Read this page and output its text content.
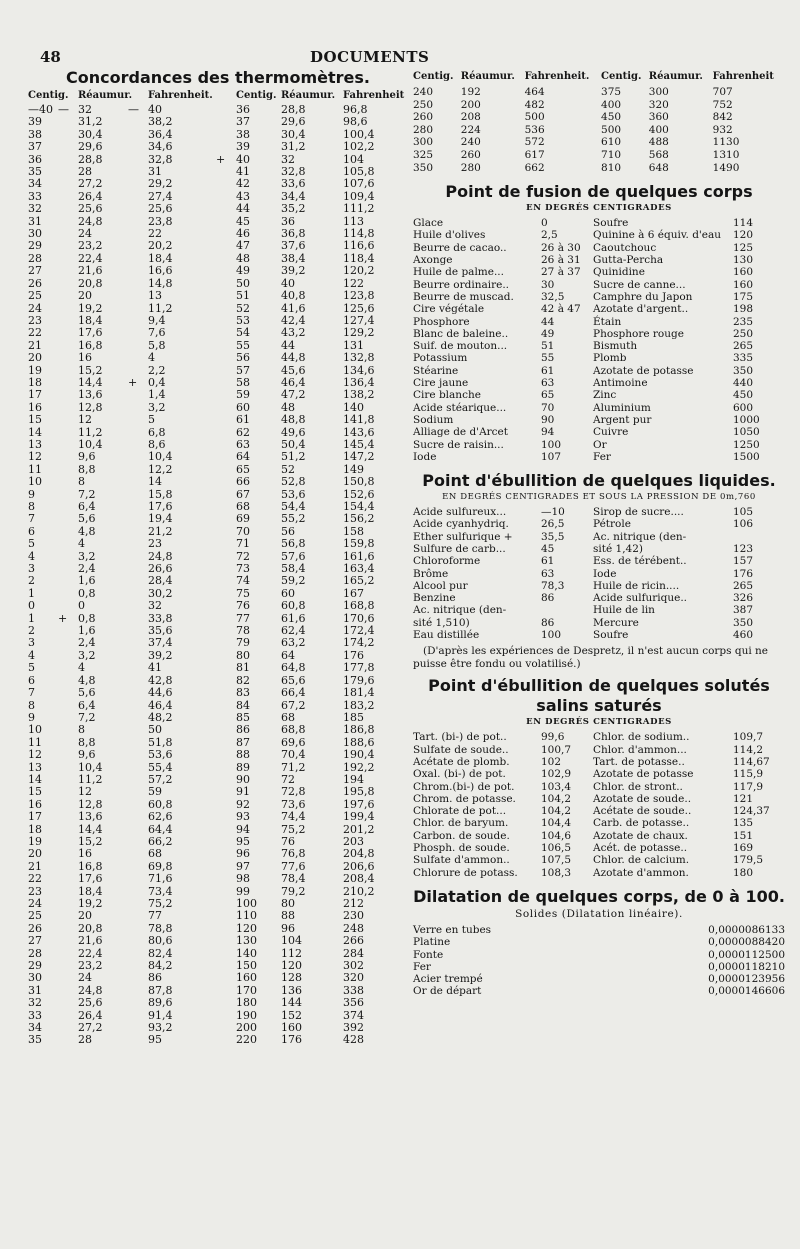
48	DOCUMENTS
Concordances des thermomètres.
Centig.		Réaumur.		Fahrenheit.		Centig.	Réaumur.	Fahrenheit
—40	—	32	—	40		36	28,8	96,8
39		31,2		38,2		37	29,6	98,6
38		30,4		36,4		38	30,4	100,4
37		29,6		34,6		39	31,2	102,2
36		28,8		32,8	+	40	32	104
35		28		31		41	32,8	105,8
34		27,2		29,2		42	33,6	107,6
33		26,4		27,4		43	34,4	109,4
32		25,6		25,6		44	35,2	111,2
31		24,8		23,8		45	36	113
30		24		22		46	36,8	114,8
29		23,2		20,2		47	37,6	116,6
28		22,4		18,4		48	38,4	118,4
27		21,6		16,6		49	39,2	120,2
26		20,8		14,8		50	40	122
25		20		13		51	40,8	123,8
24		19,2		11,2		52	41,6	125,6
23		18,4		9,4		53	42,4	127,4
22		17,6		7,6		54	43,2	129,2
21		16,8		5,8		55	44	131
20		16		4		56	44,8	132,8
19		15,2		2,2		57	45,6	134,6
18		14,4	+	0,4		58	46,4	136,4
17		13,6		1,4		59	47,2	138,2
16		12,8		3,2		60	48	140
15		12		5		61	48,8	141,8
14		11,2		6,8		62	49,6	143,6
13		10,4		8,6		63	50,4	145,4
12		9,6		10,4		64	51,2	147,2
11		8,8		12,2		65	52	149
10		8		14		66	52,8	150,8
9		7,2		15,8		67	53,6	152,6
8		6,4		17,6		68	54,4	154,4
7		5,6		19,4		69	55,2	156,2
6		4,8		21,2		70	56	158
5		4		23		71	56,8	159,8
4		3,2		24,8		72	57,6	161,6
3		2,4		26,6		73	58,4	163,4
2		1,6		28,4		74	59,2	165,2
1		0,8		30,2		75	60	167
0		0		32		76	60,8	168,8
1	+	0,8		33,8		77	61,6	170,6
2		1,6		35,6		78	62,4	172,4
3		2,4		37,4		79	63,2	174,2
4		3,2		39,2		80	64	176
5		4		41		81	64,8	177,8
6		4,8		42,8		82	65,6	179,6
7		5,6		44,6		83	66,4	181,4
8		6,4		46,4		84	67,2	183,2
9		7,2		48,2		85	68	185
10		8		50		86	68,8	186,8
11		8,8		51,8		87	69,6	188,6
12		9,6		53,6		88	70,4	190,4
13		10,4		55,4		89	71,2	192,2
14		11,2		57,2		90	72	194
15		12		59		91	72,8	195,8
16		12,8		60,8		92	73,6	197,6
17		13,6		62,6		93	74,4	199,4
18		14,4		64,4		94	75,2	201,2
19		15,2		66,2		95	76	203
20		16		68		96	76,8	204,8
21		16,8		69,8		97	77,6	206,6
22		17,6		71,6		98	78,4	208,4
23		18,4		73,4		99	79,2	210,2
24		19,2		75,2		100	80	212
25		20		77		110	88	230
26		20,8		78,8		120	96	248
27		21,6		80,6		130	104	266
28		22,4		82,4		140	112	284
29		23,2		84,2		150	120	302
30		24		86		160	128	320
31		24,8		87,8		170	136	338
32		25,6		89,6		180	144	356
33		26,4		91,4		190	152	374
34		27,2		93,2		200	160	392
35		28		95		220	176	428
Centig.	Réaumur.	Fahrenheit.	Centig.	Réaumur.	Fahrenheit
240	192	464	375	300	707
250	200	482	400	320	752
260	208	500	450	360	842
280	224	536	500	400	932
300	240	572	610	488	1130
325	260	617	710	568	1310
350	280	662	810	648	1490
Point de fusion de quelques corps
EN DEGRÉS CENTIGRADES
Glace	0	Soufre	114
Huile d'olives	2,5	Quinine à 6 équiv. d'eau	120
Beurre de cacao..	26 à 30	Caoutchouc	125
Axonge	26 à 31	Gutta-Percha	130
Huile de palme...	27 à 37	Quinidine	160
Beurre ordinaire..	30	Sucre de canne...	160
Beurre de muscad.	32,5	Camphre du Japon	175
Cire végétale	42 à 47	Azotate d'argent..	198
Phosphore	44	Étain	235
Blanc de baleine..	49	Phosphore rouge	250
Suif. de mouton...	51	Bismuth	265
Potassium	55	Plomb	335
Stéarine	61	Azotate de potasse	350
Cire jaune	63	Antimoine	440
Cire blanche	65	Zinc	450
Acide stéarique...	70	Aluminium	600
Sodium	90	Argent pur	1000
Alliage de d'Arcet	94	Cuivre	1050
Sucre de raisin...	100	Or	1250
Iode	107	Fer	1500
Point d'ébullition de quelques liquides.
EN DEGRÉS CENTIGRADES ET SOUS LA PRESSION DE 0m,760
Acide sulfureux...	—10	Sirop de sucre....	105
Acide cyanhydriq.	26,5	Pétrole	106
Ether sulfurique +	35,5	Ac. nitrique (den-	
Sulfure de carb...	45	sité 1,42)	123
Chloroforme	61	Ess. de térébent..	157
Brôme	63	Iode	176
Alcool pur	78,3	Huile de ricin....	265
Benzine	86	Acide sulfurique..	326
Ac. nitrique (den-		Huile de lin	387
sité 1,510)	86	Mercure	350
Eau distillée	100	Soufre	460
(D'après les expériences de Despretz, il n'est aucun corps qui ne puisse être fondu ou volatilisé.)
Point d'ébullition de quelques solutés
salins saturés
EN DEGRÉS CENTIGRADES
Tart. (bi-) de pot..	99,6	Chlor. de sodium..	109,7
Sulfate de soude..	100,7	Chlor. d'ammon...	114,2
Acétate de plomb.	102	Tart. de potasse..	114,67
Oxal. (bi-) de pot.	102,9	Azotate de potasse	115,9
Chrom.(bi-) de pot.	103,4	Chlor. de stront..	117,9
Chrom. de potasse.	104,2	Azotate de soude..	121
Chlorate de pot...	104,2	Acétate de soude..	124,37
Chlor. de baryum.	104,4	Carb. de potasse..	135
Carbon. de soude.	104,6	Azotate de chaux.	151
Phosph. de soude.	106,5	Acét. de potasse..	169
Sulfate d'ammon..	107,5	Chlor. de calcium.	179,5
Chlorure de potass.	108,3	Azotate d'ammon.	180
Dilatation de quelques corps, de 0 à 100.
Solides (Dilatation linéaire).
Verre en tubes	0,0000086133
Platine	0,0000088420
Fonte	0,0000112500
Fer	0,0000118210
Acier trempé	0,0000123956
Or de départ	0,0000146606
